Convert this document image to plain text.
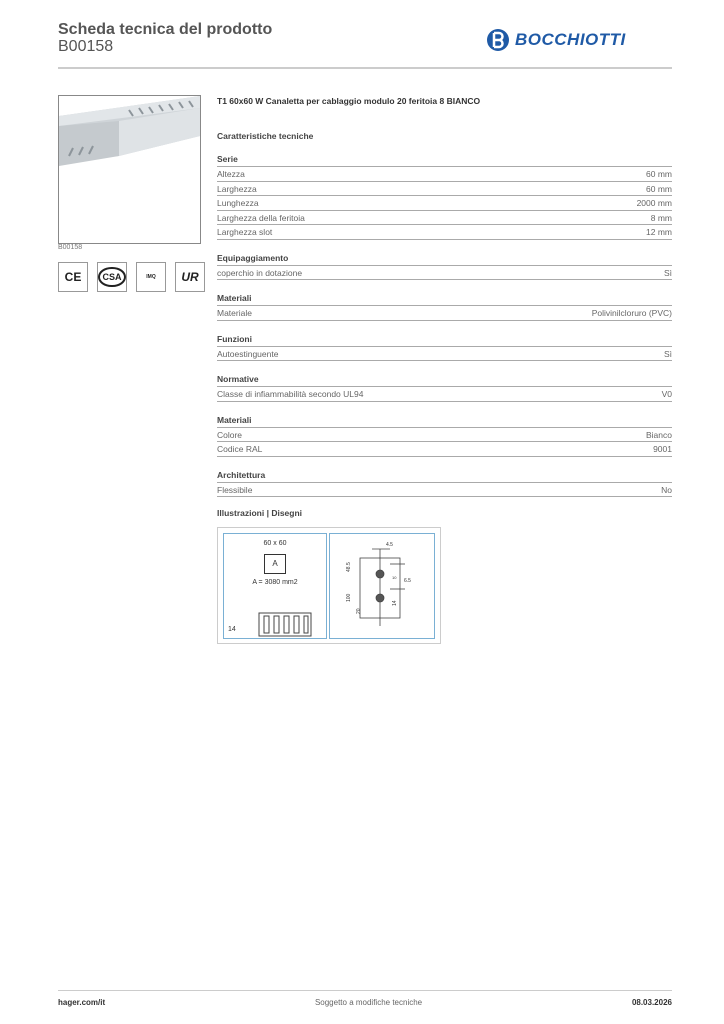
Scheda tecnica del prodotto
B00158	BOCCHIOTTI
B00158
CE	CSA	IMQ UR
T1 60x60 W Canaletta per cablaggio modulo 20 feritoia 8 BIANCO
Caratteristiche tecniche
Serie
Altezza	60 mm
Larghezza	60 mm
Lunghezza	2000 mm
Larghezza della feritoia	8 mm
Larghezza slot	12 mm
Equipaggiamento
coperchio in dotazione	Sì
Materiali
Materiale	Polivinilcloruro (PVC)
Funzioni
Autoestinguente	Sì
Normative
Classe di infiammabilità secondo UL94	V0
Materiali
Colore	Bianco
Codice RAL	9001
Architettura
Flessibile	No
Illustrazioni | Disegni
60 x 60
A
A = 3080 mm2
14
4.5
48.5
100
6.5
14
20
10
hager.com/it	Soggetto a modifiche tecniche	08.03.2026
